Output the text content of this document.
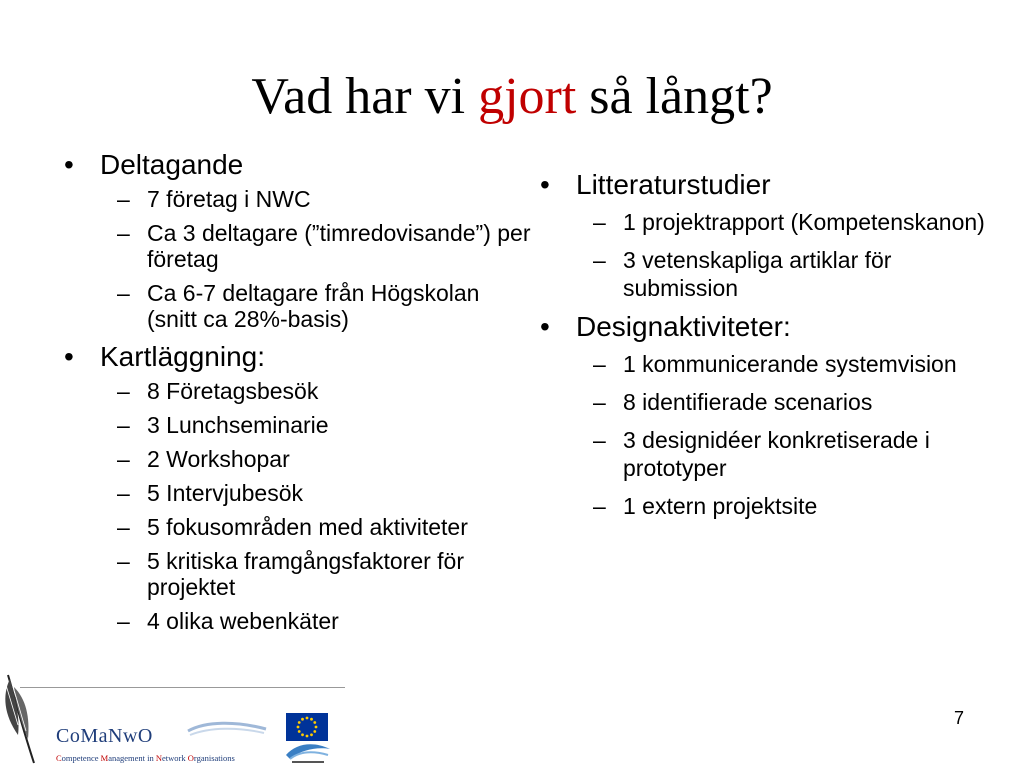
Vad har vi gjort så långt?
• Deltagande
– 7 företag i NWC
– Ca 3 deltagare (”timredovisande”) per företag
– Ca 6-7 deltagare från Högskolan (snitt ca 28%-basis)
• Kartläggning:
– 8 Företagsbesök
– 3 Lunchseminarie
– 2 Workshopar
– 5 Intervjubesök
– 5 fokusområden med aktiviteter
– 5 kritiska framgångsfaktorer för projektet
– 4 olika webenkäter
• Litteraturstudier
– 1 projektrapport (Kompetenskanon)
– 3 vetenskapliga artiklar för submission
• Designaktiviteter:
– 1 kommunicerande systemvision
– 8 identifierade scenarios
– 3 designidéer konkretiserade i prototyper
– 1 extern projektsite
CoMaNwO
Competence Management in Network Organisations
7
